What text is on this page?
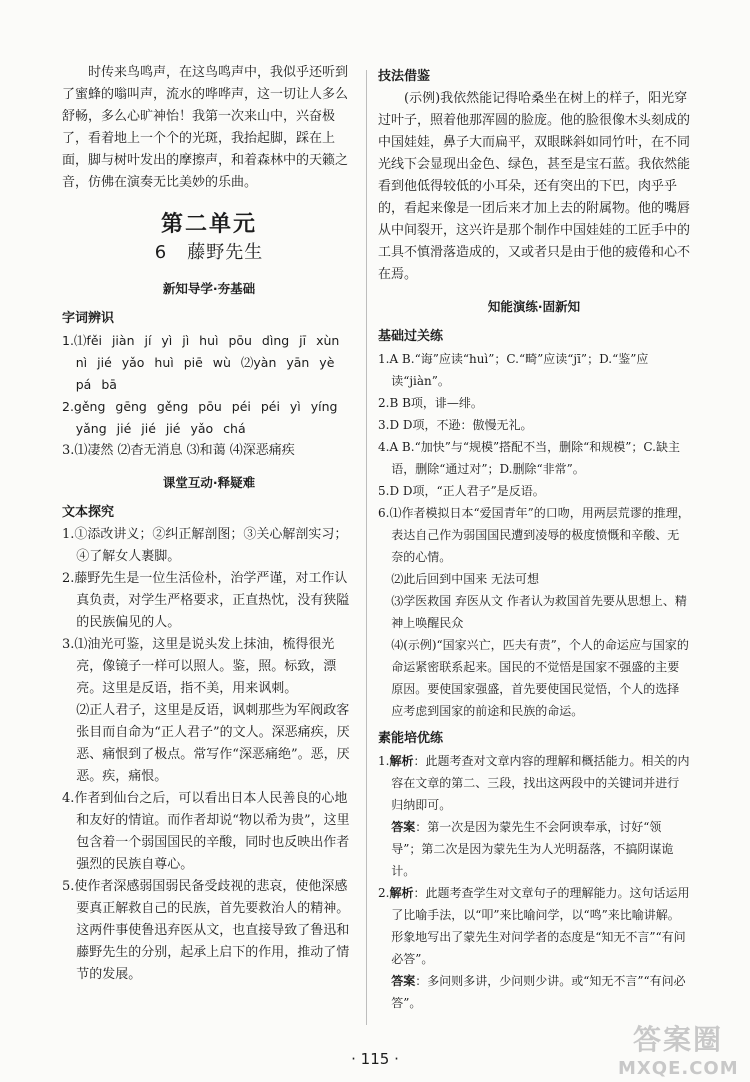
时传来鸟鸣声，在这鸟鸣声中，我似乎还听到了蜜蜂的嗡叫声，流水的哗哗声，这一切让人多么舒畅，多么心旷神怡！我第一次来山中，兴奋极了，看着地上一个个的光斑，我抬起脚，踩在上面，脚与树叶发出的摩擦声，和着森林中的天籁之音，仿佛在演奏无比美妙的乐曲。

第二单元
6 藤野先生
新知导学·夯基础
字词辨识

1.⑴fěi jiàn jí yì jì huì pōu dìng jī xùn

nì jié yǎo huì piē wù ⑵yàn yān yè

pá bā

2.gěng gēng gěng pōu péi péi yì yíng

yǎng jié jié jié yǎo chá

3.⑴凄然 ⑵杳无消息 ⑶和蔼 ⑷深恶痛疾

课堂互动·释疑难
文本探究

1.①添改讲义；②纠正解剖图；③关心解剖实习；④了解女人裹脚。

2.藤野先生是一位生活俭朴，治学严谨，对工作认真负责，对学生严格要求，正直热忱，没有狭隘的民族偏见的人。

3.⑴油光可鉴，这里是说头发上抹油，梳得很光亮，像镜子一样可以照人。鉴，照。标致，漂亮。这里是反语，指不美，用来讽刺。

⑵正人君子，这里是反语，讽刺那些为军阀政客张目而自命为“正人君子”的文人。深恶痛疾，厌恶、痛恨到了极点。常写作“深恶痛绝”。恶，厌恶。疾，痛恨。

4.作者到仙台之后，可以看出日本人民善良的心地和友好的情谊。而作者却说“物以希为贵”，这里包含着一个弱国国民的辛酸，同时也反映出作者强烈的民族自尊心。

5.使作者深感弱国弱民备受歧视的悲哀，使他深感要真正解救自己的民族，首先要救治人的精神。这两件事使鲁迅弃医从文，也直接导致了鲁迅和藤野先生的分别，起承上启下的作用，推动了情节的发展。

技法借鉴

(示例)我依然能记得哈桑坐在树上的样子，阳光穿过叶子，照着他那浑圆的脸庞。他的脸很像木头刻成的中国娃娃，鼻子大而扁平，双眼眯斜如同竹叶，在不同光线下会显现出金色、绿色，甚至是宝石蓝。我依然能看到他低得较低的小耳朵，还有突出的下巴，肉乎乎的，看起来像是一团后来才加上去的附属物。他的嘴唇从中间裂开，这兴许是那个制作中国娃娃的工匠手中的工具不慎滑落造成的，又或者只是由于他的疲倦和心不在焉。

知能演练·固新知
基础过关练

1.A B.“诲”应读“huì”；C.“畸”应读“jī”；D.“鉴”应读“jiàn”。

2.B B项，诽—绯。

3.D D项，不逊：傲慢无礼。

4.A B.“加快”与“规模”搭配不当，删除“和规模”；C.缺主语，删除“通过对”；D.删除“非常”。

5.D D项，“正人君子”是反语。

6.⑴作者模拟日本“爱国青年”的口吻，用两层荒谬的推理，表达自己作为弱国国民遭到凌辱的极度愤慨和辛酸、无奈的心情。

⑵此后回到中国来 无法可想

⑶学医救国 弃医从文 作者认为救国首先要从思想上、精神上唤醒民众

⑷(示例)“国家兴亡，匹夫有责”，个人的命运应与国家的命运紧密联系起来。国民的不觉悟是国家不强盛的主要原因。要使国家强盛，首先要使国民觉悟，个人的选择应考虑到国家的前途和民族的命运。

素能培优练

1.解析：此题考查对文章内容的理解和概括能力。相关的内容在文章的第二、三段，找出这两段中的关键词并进行归纳即可。

答案：第一次是因为蒙先生不会阿谀奉承，讨好“领导”；第二次是因为蒙先生为人光明磊落，不搞阴谋诡计。

2.解析：此题考查学生对文章句子的理解能力。这句话运用了比喻手法，以“叩”来比喻问学，以“鸣”来比喻讲解。形象地写出了蒙先生对问学者的态度是“知无不言”“有问必答”。

答案：多问则多讲，少问则少讲。或“知无不言”“有问必答”。

· 115 ·
答案圈
MXQE.COM
